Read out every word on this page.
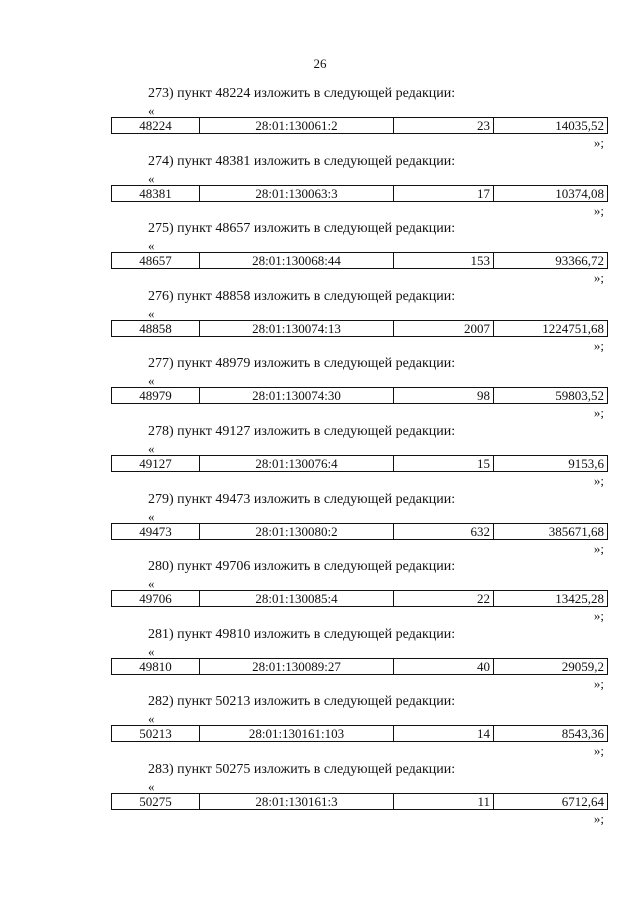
26
273) пункт 48224 изложить в следующей редакции:
«
48224	28:01:130061:2	23	14035,52
»;
274) пункт 48381 изложить в следующей редакции:
«
48381	28:01:130063:3	17	10374,08
»;
275) пункт 48657 изложить в следующей редакции:
«
48657	28:01:130068:44	153	93366,72
»;
276) пункт 48858 изложить в следующей редакции:
«
48858	28:01:130074:13	2007	1224751,68
»;
277) пункт 48979 изложить в следующей редакции:
«
48979	28:01:130074:30	98	59803,52
»;
278) пункт 49127 изложить в следующей редакции:
«
49127	28:01:130076:4	15	9153,6
»;
279) пункт 49473 изложить в следующей редакции:
«
49473	28:01:130080:2	632	385671,68
»;
280) пункт 49706 изложить в следующей редакции:
«
49706	28:01:130085:4	22	13425,28
»;
281) пункт 49810 изложить в следующей редакции:
«
49810	28:01:130089:27	40	29059,2
»;
282) пункт 50213 изложить в следующей редакции:
«
50213	28:01:130161:103	14	8543,36
»;
283) пункт 50275 изложить в следующей редакции:
«
50275	28:01:130161:3	11	6712,64
»;
